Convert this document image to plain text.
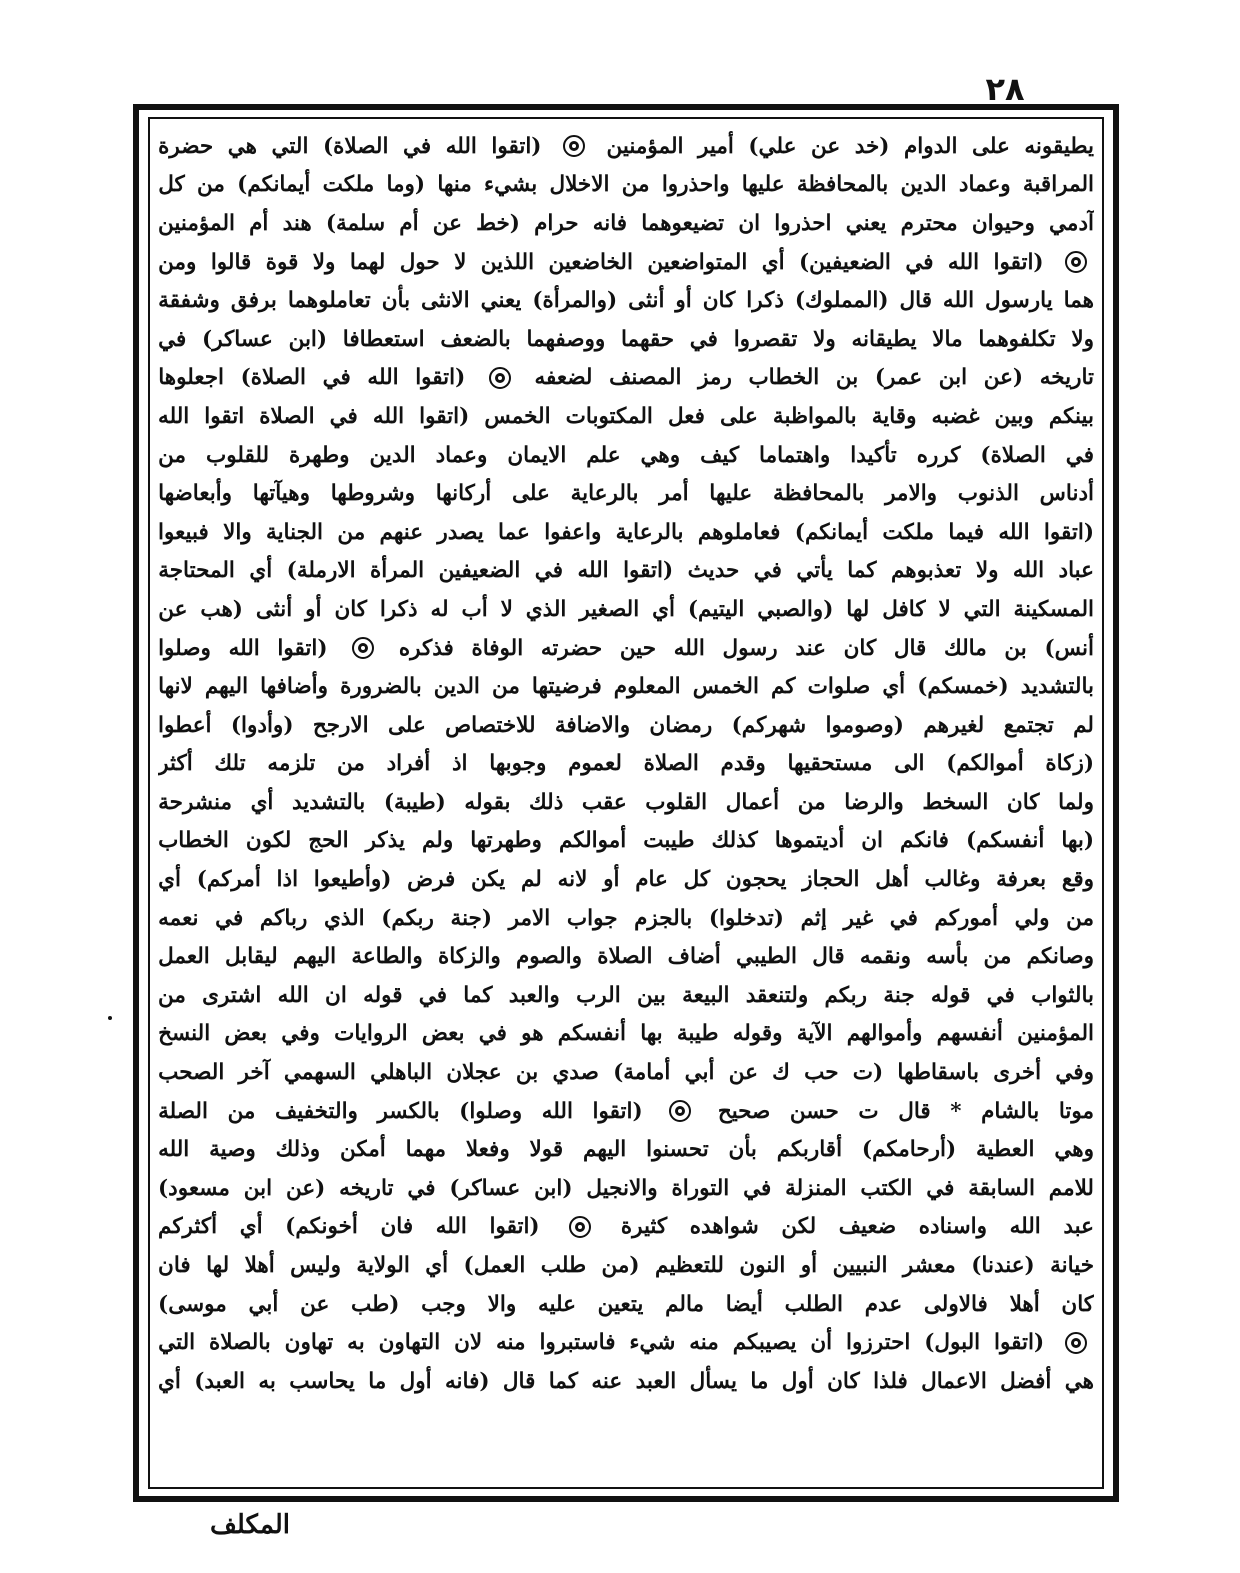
٢٨
يطيقونه
على
الدوام
(خد
عن
علي)
أمير
المؤمنين
(اتقوا
الله
في
الصلاة)
التي
هي
حضرة
المراقبة
وعماد
الدين
بالمحافظة
عليها
واحذروا
من
الاخلال
بشيء
منها
(وما
ملكت
أيمانكم)
من
كل
آدمي
وحيوان
محترم
يعني
احذروا
ان
تضيعوهما
فانه
حرام
(خط
عن
أم
سلمة)
هند
أم
المؤمنين
(اتقوا
الله
في
الضعيفين)
أي
المتواضعين
الخاضعين
اللذين
لا
حول
لهما
ولا
قوة
قالوا
ومن
هما
يارسول
الله
قال
(المملوك)
ذكرا
كان
أو
أنثى
(والمرأة)
يعني
الانثى
بأن
تعاملوهما
برفق
وشفقة
ولا
تكلفوهما
مالا
يطيقانه
ولا
تقصروا
في
حقهما
ووصفهما
بالضعف
استعطافا
(ابن
عساكر)
في
تاريخه
(عن
ابن
عمر)
بن
الخطاب
رمز
المصنف
لضعفه
(اتقوا
الله
في
الصلاة)
اجعلوها
بينكم
وبين
غضبه
وقاية
بالمواظبة
على
فعل
المكتوبات
الخمس
(اتقوا
الله
في
الصلاة
اتقوا
الله
في
الصلاة)
كرره
تأكيدا
واهتماما
كيف
وهي
علم
الايمان
وعماد
الدين
وطهرة
للقلوب
من
أدناس
الذنوب
والامر
بالمحافظة
عليها
أمر
بالرعاية
على
أركانها
وشروطها
وهيآتها
وأبعاضها
(اتقوا
الله
فيما
ملكت
أيمانكم)
فعاملوهم
بالرعاية
واعفوا
عما
يصدر
عنهم
من
الجناية
والا
فبيعوا
عباد
الله
ولا
تعذبوهم
كما
يأتي
في
حديث
(اتقوا
الله
في
الضعيفين
المرأة
الارملة)
أي
المحتاجة
المسكينة
التي
لا
كافل
لها
(والصبي
اليتيم)
أي
الصغير
الذي
لا
أب
له
ذكرا
كان
أو
أنثى
(هب
عن
أنس)
بن
مالك
قال
كان
عند
رسول
الله
حين
حضرته
الوفاة
فذكره
(اتقوا
الله
وصلوا
بالتشديد
(خمسكم)
أي
صلوات
كم
الخمس
المعلوم
فرضيتها
من
الدين
بالضرورة
وأضافها
اليهم
لانها
لم
تجتمع
لغيرهم
(وصوموا
شهركم)
رمضان
والاضافة
للاختصاص
على
الارجح
(وأدوا)
أعطوا
(زكاة
أموالكم)
الى
مستحقيها
وقدم
الصلاة
لعموم
وجوبها
اذ
أفراد
من
تلزمه
تلك
أكثر
ولما
كان
السخط
والرضا
من
أعمال
القلوب
عقب
ذلك
بقوله
(طيبة)
بالتشديد
أي
منشرحة
(بها
أنفسكم)
فانكم
ان
أديتموها
كذلك
طيبت
أموالكم
وطهرتها
ولم
يذكر
الحج
لكون
الخطاب
وقع
بعرفة
وغالب
أهل
الحجاز
يحجون
كل
عام
أو
لانه
لم
يكن
فرض
(وأطيعوا
اذا
أمركم)
أي
من
ولي
أموركم
في
غير
إثم
(تدخلوا)
بالجزم
جواب
الامر
(جنة
ربكم)
الذي
رباكم
في
نعمه
وصانكم
من
بأسه
ونقمه
قال
الطيبي
أضاف
الصلاة
والصوم
والزكاة
والطاعة
اليهم
ليقابل
العمل
بالثواب
في
قوله
جنة
ربكم
ولتنعقد
البيعة
بين
الرب
والعبد
كما
في
قوله
ان
الله
اشترى
من
المؤمنين
أنفسهم
وأموالهم
الآية
وقوله
طيبة
بها
أنفسكم
هو
في
بعض
الروايات
وفي
بعض
النسخ
وفي
أخرى
باسقاطها
(ت
حب
ك
عن
أبي
أمامة)
صدي
بن
عجلان
الباهلي
السهمي
آخر
الصحب
موتا
بالشام
*
قال
ت
حسن
صحيح
(اتقوا
الله
وصلوا)
بالكسر
والتخفيف
من
الصلة
وهي
العطية
(أرحامكم)
أقاربكم
بأن
تحسنوا
اليهم
قولا
وفعلا
مهما
أمكن
وذلك
وصية
الله
للامم
السابقة
في
الكتب
المنزلة
في
التوراة
والانجيل
(ابن
عساكر)
في
تاريخه
(عن
ابن
مسعود)
عبد
الله
واسناده
ضعيف
لكن
شواهده
كثيرة
(اتقوا
الله
فان
أخونكم)
أي
أكثركم
خيانة
(عندنا)
معشر
النبيين
أو
النون
للتعظيم
(من
طلب
العمل)
أي
الولاية
وليس
أهلا
لها
فان
كان
أهلا
فالاولى
عدم
الطلب
أيضا
مالم
يتعين
عليه
والا
وجب
(طب
عن
أبي
موسى)
(اتقوا
البول)
احترزوا
أن
يصيبكم
منه
شيء
فاستبروا
منه
لان
التهاون
به
تهاون
بالصلاة
التي
هي
أفضل
الاعمال
فلذا
كان
أول
ما
يسأل
العبد
عنه
كما
قال
(فانه
أول
ما
يحاسب
به
العبد)
أي
المكلف
